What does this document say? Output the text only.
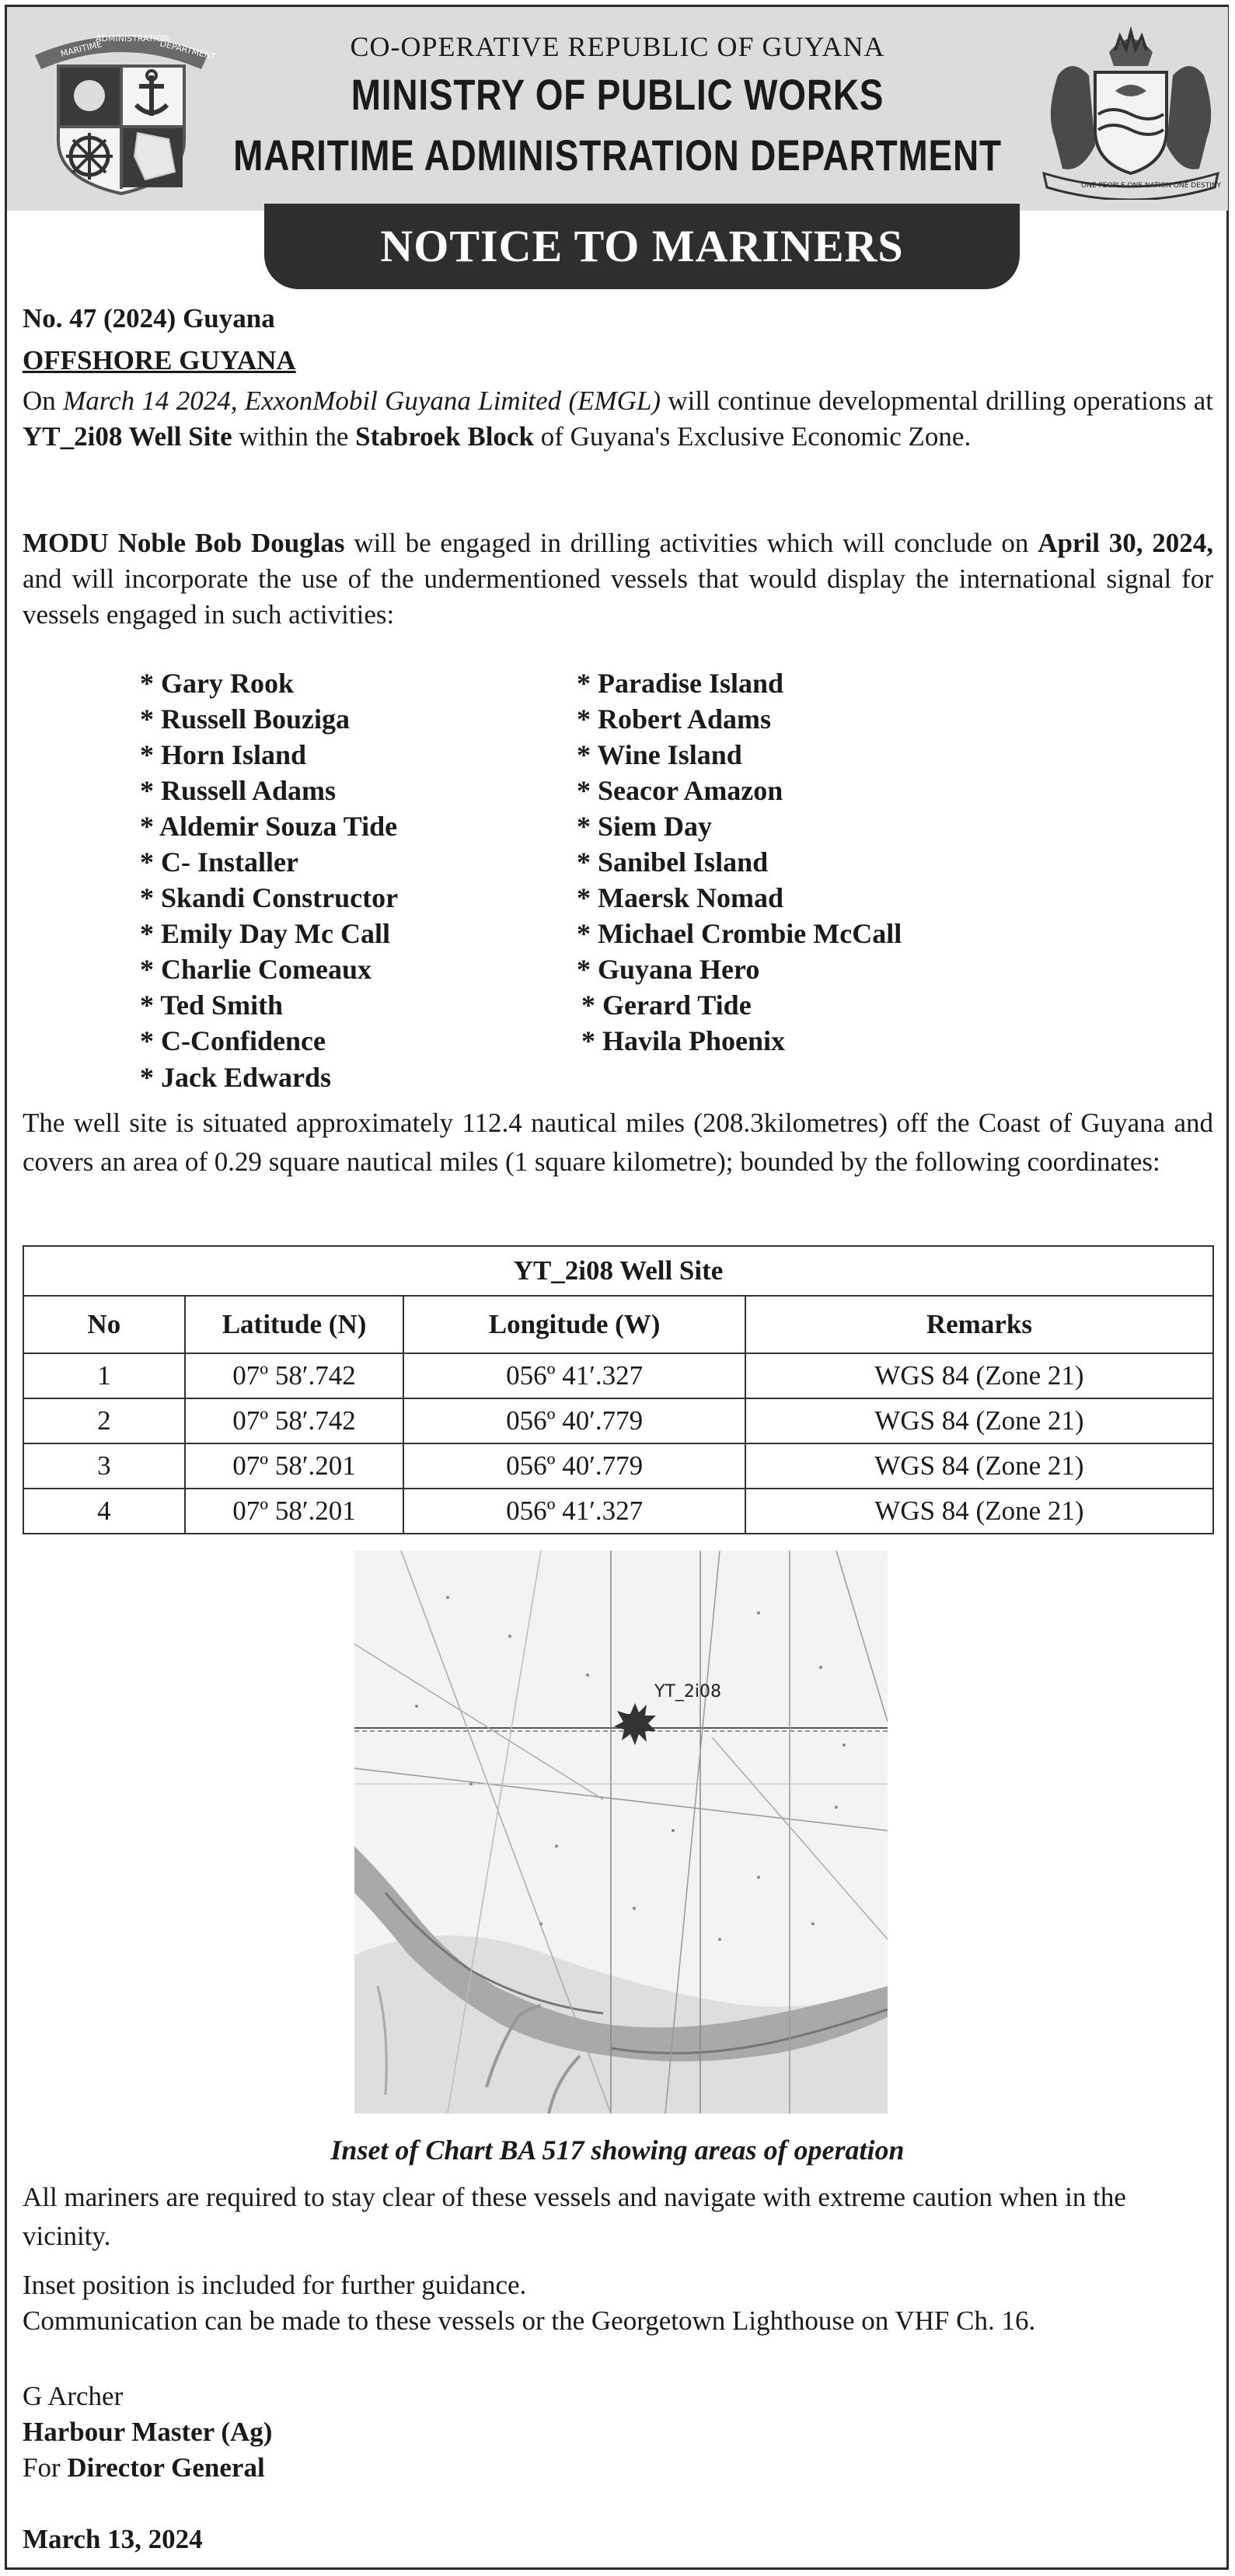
MARITIME
ADMINISTRATION
DEPARTMENT	CO-OPERATIVE REPUBLIC OF GUYANA
MINISTRY OF PUBLIC WORKS
MARITIME ADMINISTRATION DEPARTMENT
ONE PEOPLE ONE NATION ONE DESTINY
NOTICE TO MARINERS
No. 47 (2024) Guyana
OFFSHORE GUYANA
On March 14 2024, ExxonMobil Guyana Limited (EMGL) will continue developmental drilling operations at YT_2i08 Well Site within the Stabroek Block of Guyana's Exclusive Economic Zone.
MODU Noble Bob Douglas will be engaged in drilling activities which will conclude on April 30, 2024, and will incorporate the use of the undermentioned vessels that would display the international signal for vessels engaged in such activities:
* Gary Rook
* Russell Bouziga
* Horn Island
* Russell Adams
* Aldemir Souza Tide
* C- Installer
* Skandi Constructor
* Emily Day Mc Call
* Charlie Comeaux
* Ted Smith
* C-Confidence
* Jack Edwards
* Paradise Island
* Robert Adams
* Wine Island
* Seacor Amazon
* Siem Day
* Sanibel Island
* Maersk Nomad
* Michael Crombie McCall
* Guyana Hero
* Gerard Tide
* Havila Phoenix
The well site is situated approximately 112.4 nautical miles (208.3kilometres) off the Coast of Guyana and covers an area of 0.29 square nautical miles (1 square kilometre); bounded by the following coordinates:
YT_2i08 Well Site			
No	Latitude (N)	Longitude (W)	Remarks
1	07º 58′.742	056º 41′.327	WGS 84 (Zone 21)
2	07º 58′.742	056º 40′.779	WGS 84 (Zone 21)
3	07º 58′.201	056º 40′.779	WGS 84 (Zone 21)
4	07º 58′.201	056º 41′.327	WGS 84 (Zone 21)
YT_2i08
Inset of Chart BA 517 showing areas of operation
All mariners are required to stay clear of these vessels and navigate with extreme caution when in the vicinity.
Inset position is included for further guidance.
Communication can be made to these vessels or the Georgetown Lighthouse on VHF Ch. 16.
G Archer
Harbour Master (Ag)
For Director General
March 13, 2024
